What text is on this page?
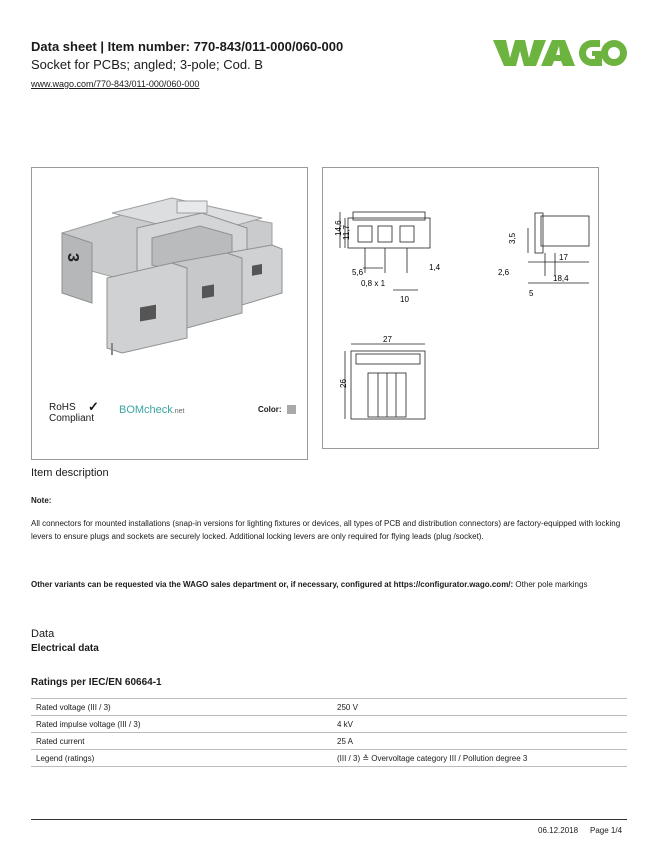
Data sheet | Item number: 770-843/011-000/060-000
Socket for PCBs; angled; 3-pole; Cod. B
www.wago.com/770-843/011-000/060-000
WAGO
3
RoHS
Compliant
✓ BOMcheck.net	Color:
14,6 11,7
5,6
0,8 x 1
1,4
10
3,5
2,6
17
18,4
5
27
26
Item description
Note:
All connectors for mounted installations (snap-in versions for lighting fixtures or devices, all types of PCB and distribution connectors) are factory-equipped with locking levers to ensure plugs and sockets are securely locked. Additional locking levers are only required for flying leads (plug /socket).
Other variants can be requested via the WAGO sales department or, if necessary, configured at https://configurator.wago.com/: Other pole markings
Data
Electrical data
Ratings per IEC/EN 60664-1
Rated voltage (III / 3)	250 V
Rated impulse voltage (III / 3)	4 kV
Rated current	25 A
Legend (ratings)	(III / 3) ≙ Overvoltage category III / Pollution degree 3
06.12.2018 Page 1/4
